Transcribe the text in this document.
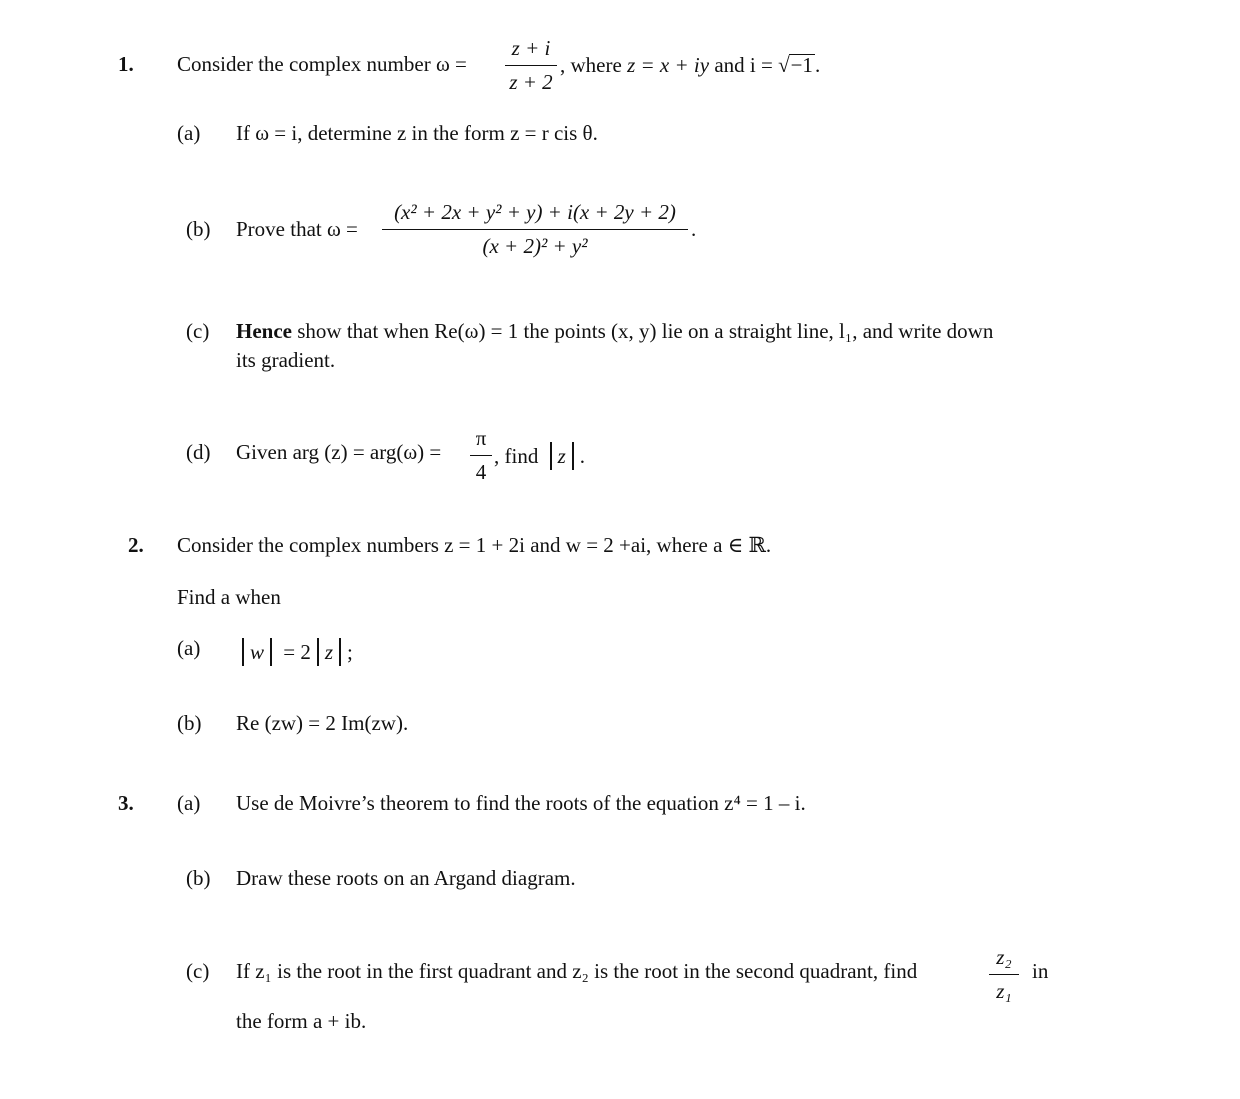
1. Consider the complex number ω =
z + i
z + 2
, where z = x + iy and i = √−1.
(a) If ω = i, determine z in the form z = r cis θ.
(b) Prove that ω =
(x² + 2x + y² + y) + i(x + 2y + 2)
(x + 2)² + y²
.
(c) Hence show that when Re(ω) = 1 the points (x, y) lie on a straight line, l₁, and write down
its gradient.
(d) Given arg (z) = arg(ω) =
π
4
, find z .
2. Consider the complex numbers z = 1 + 2i and w = 2 +ai, where a ∈ ℝ.
Find a when
(a)	w = 2 z ;
(b) Re (zw) = 2 Im(zw).
3. (a) Use de Moivre’s theorem to find the roots of the equation z⁴ = 1 – i.
(b) Draw these roots on an Argand diagram.
(c) If z₁ is the root in the first quadrant and z₂ is the root in the second quadrant, find
z₂
z₁
in
the form a + ib.
